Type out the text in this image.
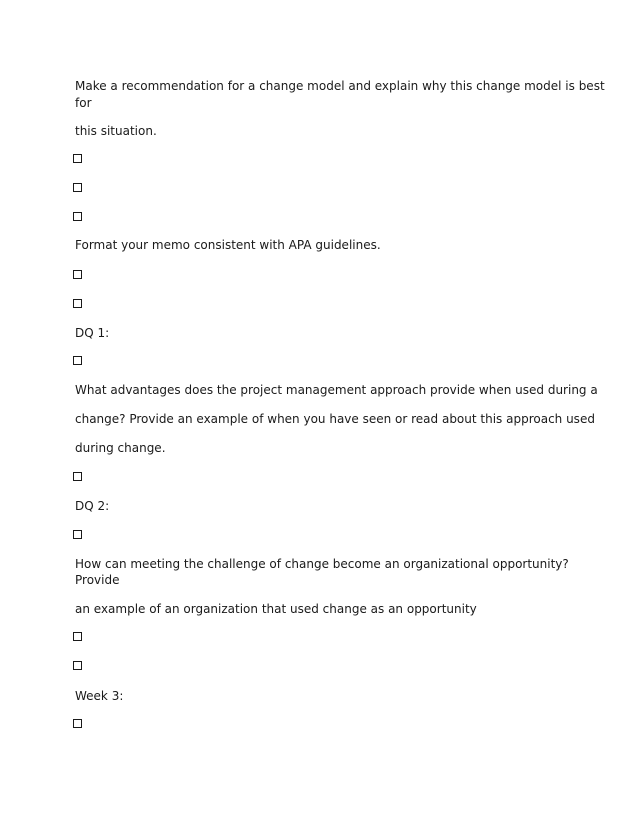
Make a recommendation for a change model and explain why this change model is best
for
this situation.
Format your memo consistent with APA guidelines.
DQ 1:
What advantages does the project management approach provide when used during a
change? Provide an example of when you have seen or read about this approach used
during change.
DQ 2:
How can meeting the challenge of change become an organizational opportunity?
Provide
an example of an organization that used change as an opportunity
Week 3:
